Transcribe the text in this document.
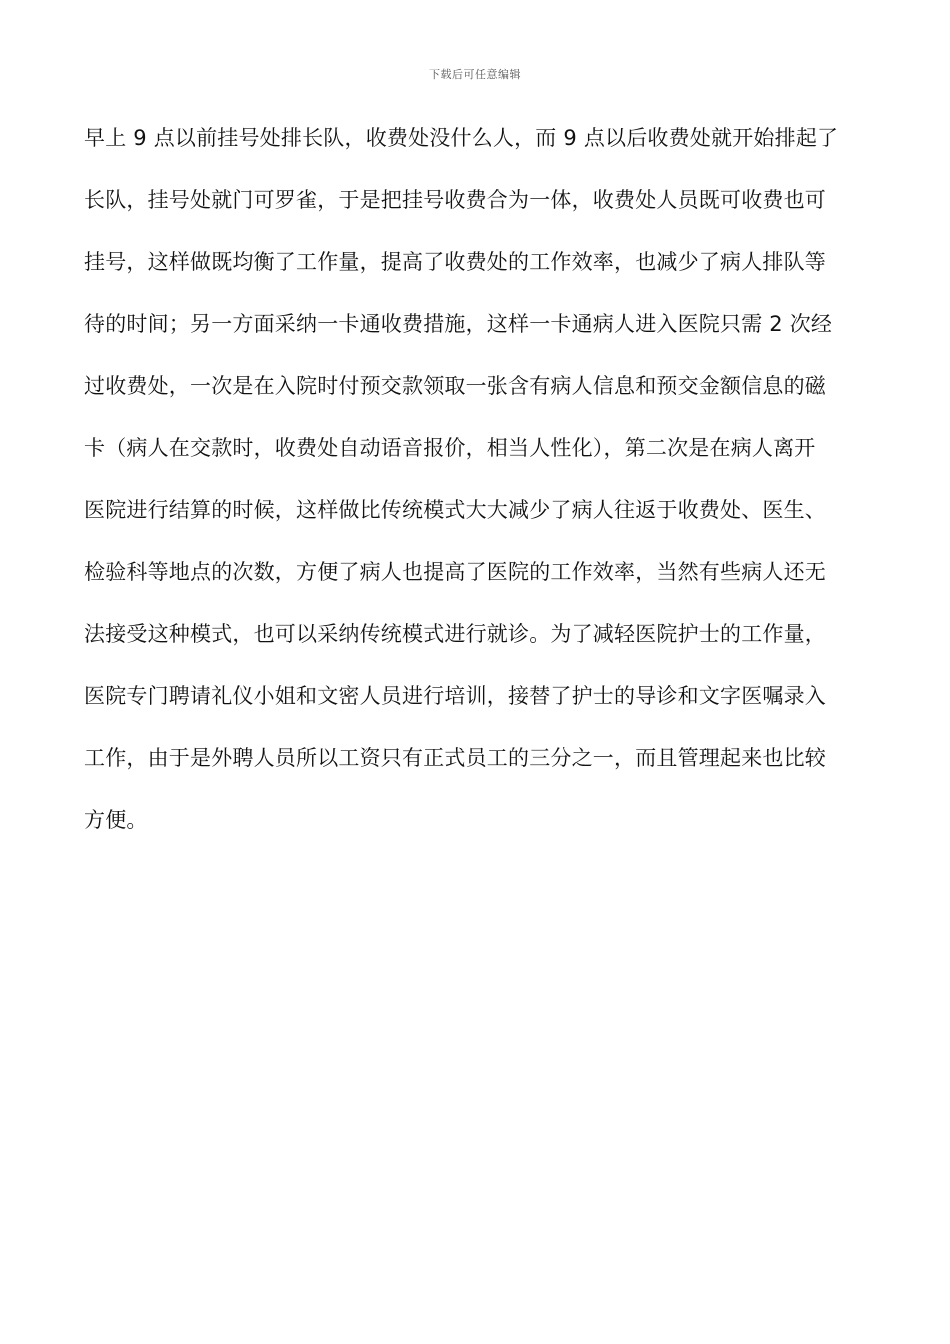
下载后可任意编辑
早上 9 点以前挂号处排长队，收费处没什么人，而 9 点以后收费处就开始排起了
长队，挂号处就门可罗雀，于是把挂号收费合为一体，收费处人员既可收费也可
挂号，这样做既均衡了工作量，提高了收费处的工作效率，也减少了病人排队等
待的时间；另一方面采纳一卡通收费措施，这样一卡通病人进入医院只需 2 次经
过收费处，一次是在入院时付预交款领取一张含有病人信息和预交金额信息的磁
卡（病人在交款时，收费处自动语音报价，相当人性化），第二次是在病人离开
医院进行结算的时候，这样做比传统模式大大减少了病人往返于收费处、医生、
检验科等地点的次数，方便了病人也提高了医院的工作效率，当然有些病人还无
法接受这种模式，也可以采纳传统模式进行就诊。为了减轻医院护士的工作量，
医院专门聘请礼仪小姐和文密人员进行培训，接替了护士的导诊和文字医嘱录入
工作，由于是外聘人员所以工资只有正式员工的三分之一，而且管理起来也比较
方便。
